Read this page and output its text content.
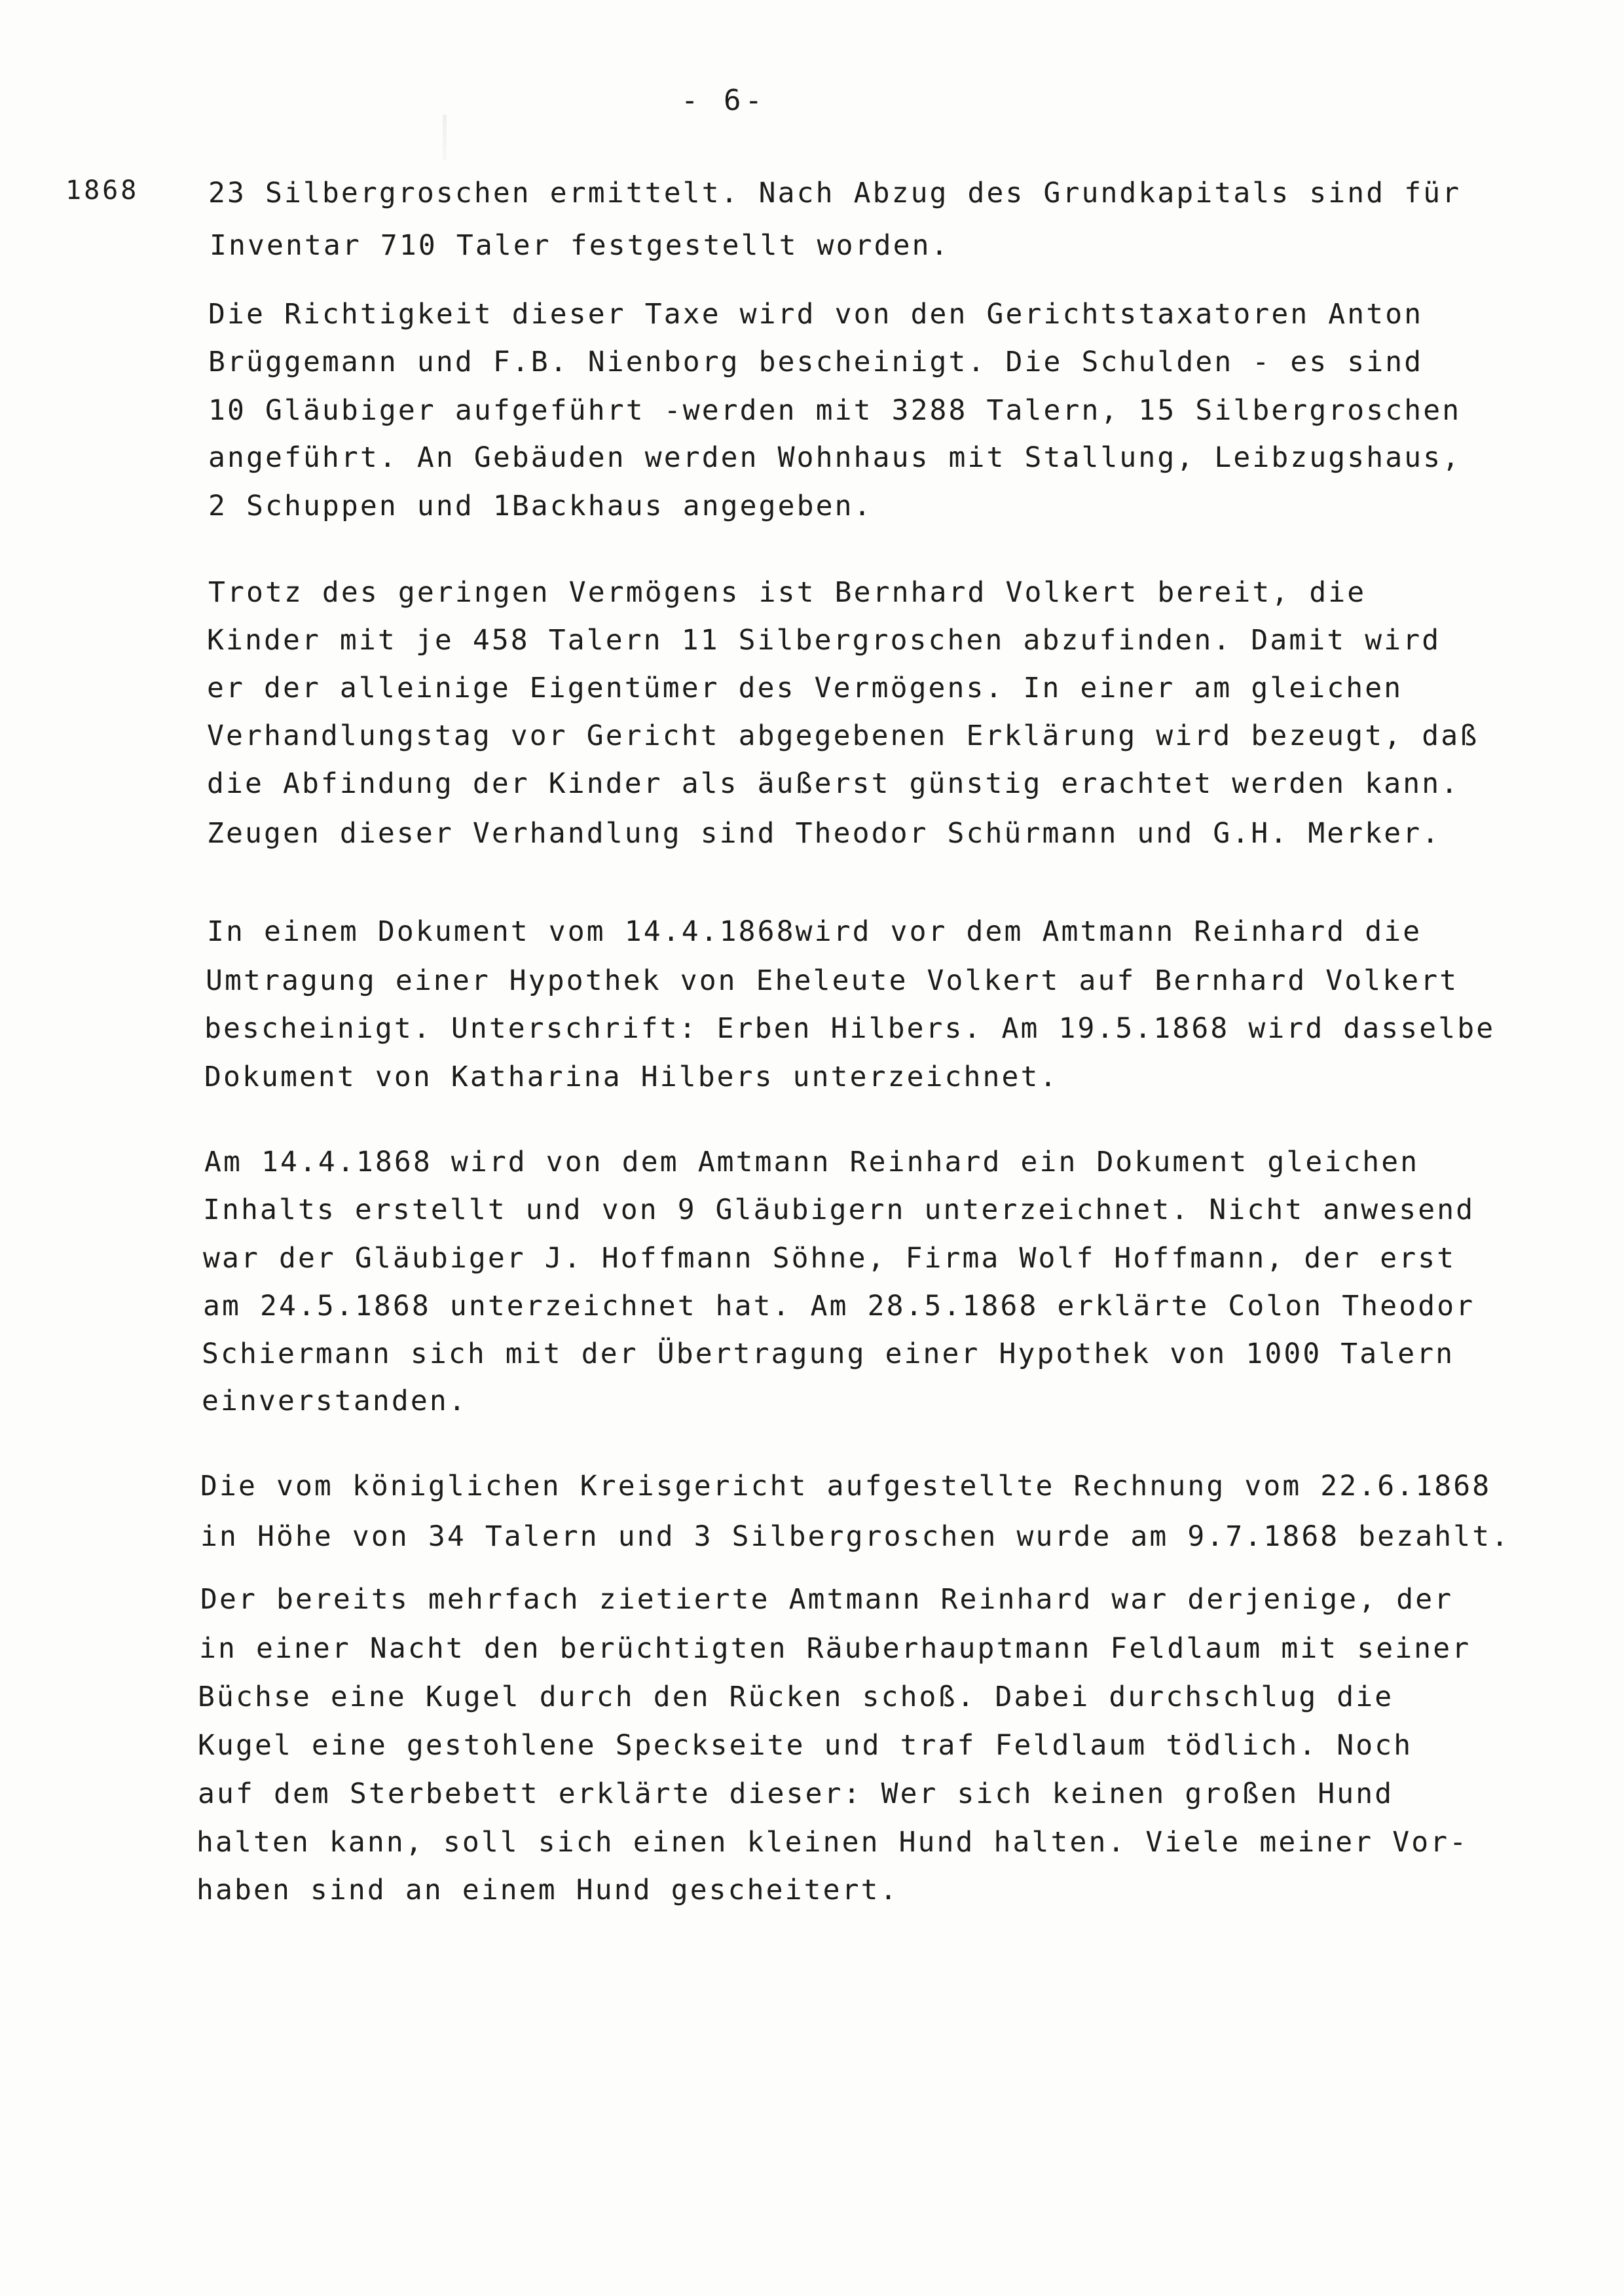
- 6-
1868 23 Silbergroschen ermittelt. Nach Abzug des Grundkapitals sind für
Inventar 710 Taler festgestellt worden.
Die Richtigkeit dieser Taxe wird von den Gerichtstaxatoren Anton
Brüggemann und F.B. Nienborg bescheinigt. Die Schulden - es sind
10 Gläubiger aufgeführt -werden mit 3288 Talern, 15 Silbergroschen
angeführt. An Gebäuden werden Wohnhaus mit Stallung, Leibzugshaus,
2 Schuppen und 1Backhaus angegeben.
Trotz des geringen Vermögens ist Bernhard Volkert bereit, die
Kinder mit je 458 Talern 11 Silbergroschen abzufinden. Damit wird
er der alleinige Eigentümer des Vermögens. In einer am gleichen
Verhandlungstag vor Gericht abgegebenen Erklärung wird bezeugt, daß
die Abfindung der Kinder als äußerst günstig erachtet werden kann.
Zeugen dieser Verhandlung sind Theodor Schürmann und G.H. Merker.
In einem Dokument vom 14.4.1868wird vor dem Amtmann Reinhard die
Umtragung einer Hypothek von Eheleute Volkert auf Bernhard Volkert
bescheinigt. Unterschrift: Erben Hilbers. Am 19.5.1868 wird dasselbe
Dokument von Katharina Hilbers unterzeichnet.
Am 14.4.1868 wird von dem Amtmann Reinhard ein Dokument gleichen
Inhalts erstellt und von 9 Gläubigern unterzeichnet. Nicht anwesend
war der Gläubiger J. Hoffmann Söhne, Firma Wolf Hoffmann, der erst
am 24.5.1868 unterzeichnet hat. Am 28.5.1868 erklärte Colon Theodor
Schiermann sich mit der Übertragung einer Hypothek von 1000 Talern
einverstanden.
Die vom königlichen Kreisgericht aufgestellte Rechnung vom 22.6.1868
in Höhe von 34 Talern und 3 Silbergroschen wurde am 9.7.1868 bezahlt.
Der bereits mehrfach zietierte Amtmann Reinhard war derjenige, der
in einer Nacht den berüchtigten Räuberhauptmann Feldlaum mit seiner
Büchse eine Kugel durch den Rücken schoß. Dabei durchschlug die
Kugel eine gestohlene Speckseite und traf Feldlaum tödlich. Noch
auf dem Sterbebett erklärte dieser: Wer sich keinen großen Hund
halten kann, soll sich einen kleinen Hund halten. Viele meiner Vor-
haben sind an einem Hund gescheitert.
